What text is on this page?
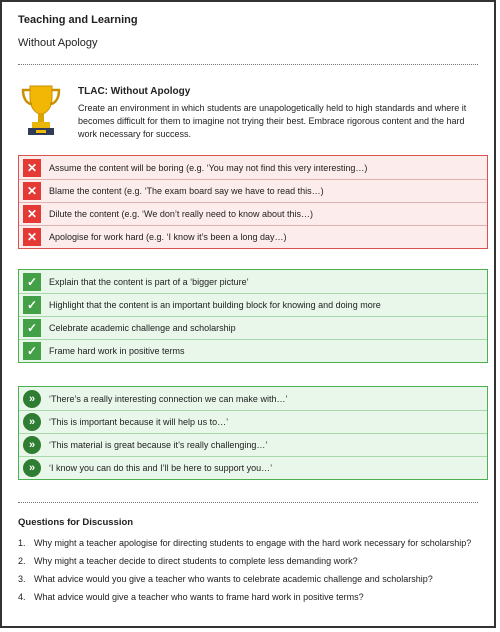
Teaching and Learning
Without Apology
TLAC: Without Apology
Create an environment in which students are unapologetically held to high standards and where it becomes difficult for them to imagine not trying their best. Embrace rigorous content and the hard work necessary for success.
✕	Assume the content will be boring (e.g. ‘You may not find this very interesting…)
✕	Blame the content (e.g. ‘The exam board say we have to read this…)
✕	Dilute the content (e.g. ‘We don’t really need to know about this…)
✕	Apologise for work hard (e.g. ‘I know it’s been a long day…)
✓	Explain that the content is part of a ‘bigger picture’
✓	Highlight that the content is an important building block for knowing and doing more
✓	Celebrate academic challenge and scholarship
✓	Frame hard work in positive terms
»	‘There’s a really interesting connection we can make with…’
»	‘This is important because it will help us to…’
»	‘This material is great because it’s really challenging…’
»	‘I know you can do this and I’ll be here to support you…’
Questions for Discussion
1. Why might a teacher apologise for directing students to engage with the hard work necessary for scholarship?
2. Why might a teacher decide to direct students to complete less demanding work?
3. What advice would you give a teacher who wants to celebrate academic challenge and scholarship?
4. What advice would give a teacher who wants to frame hard work in positive terms?
